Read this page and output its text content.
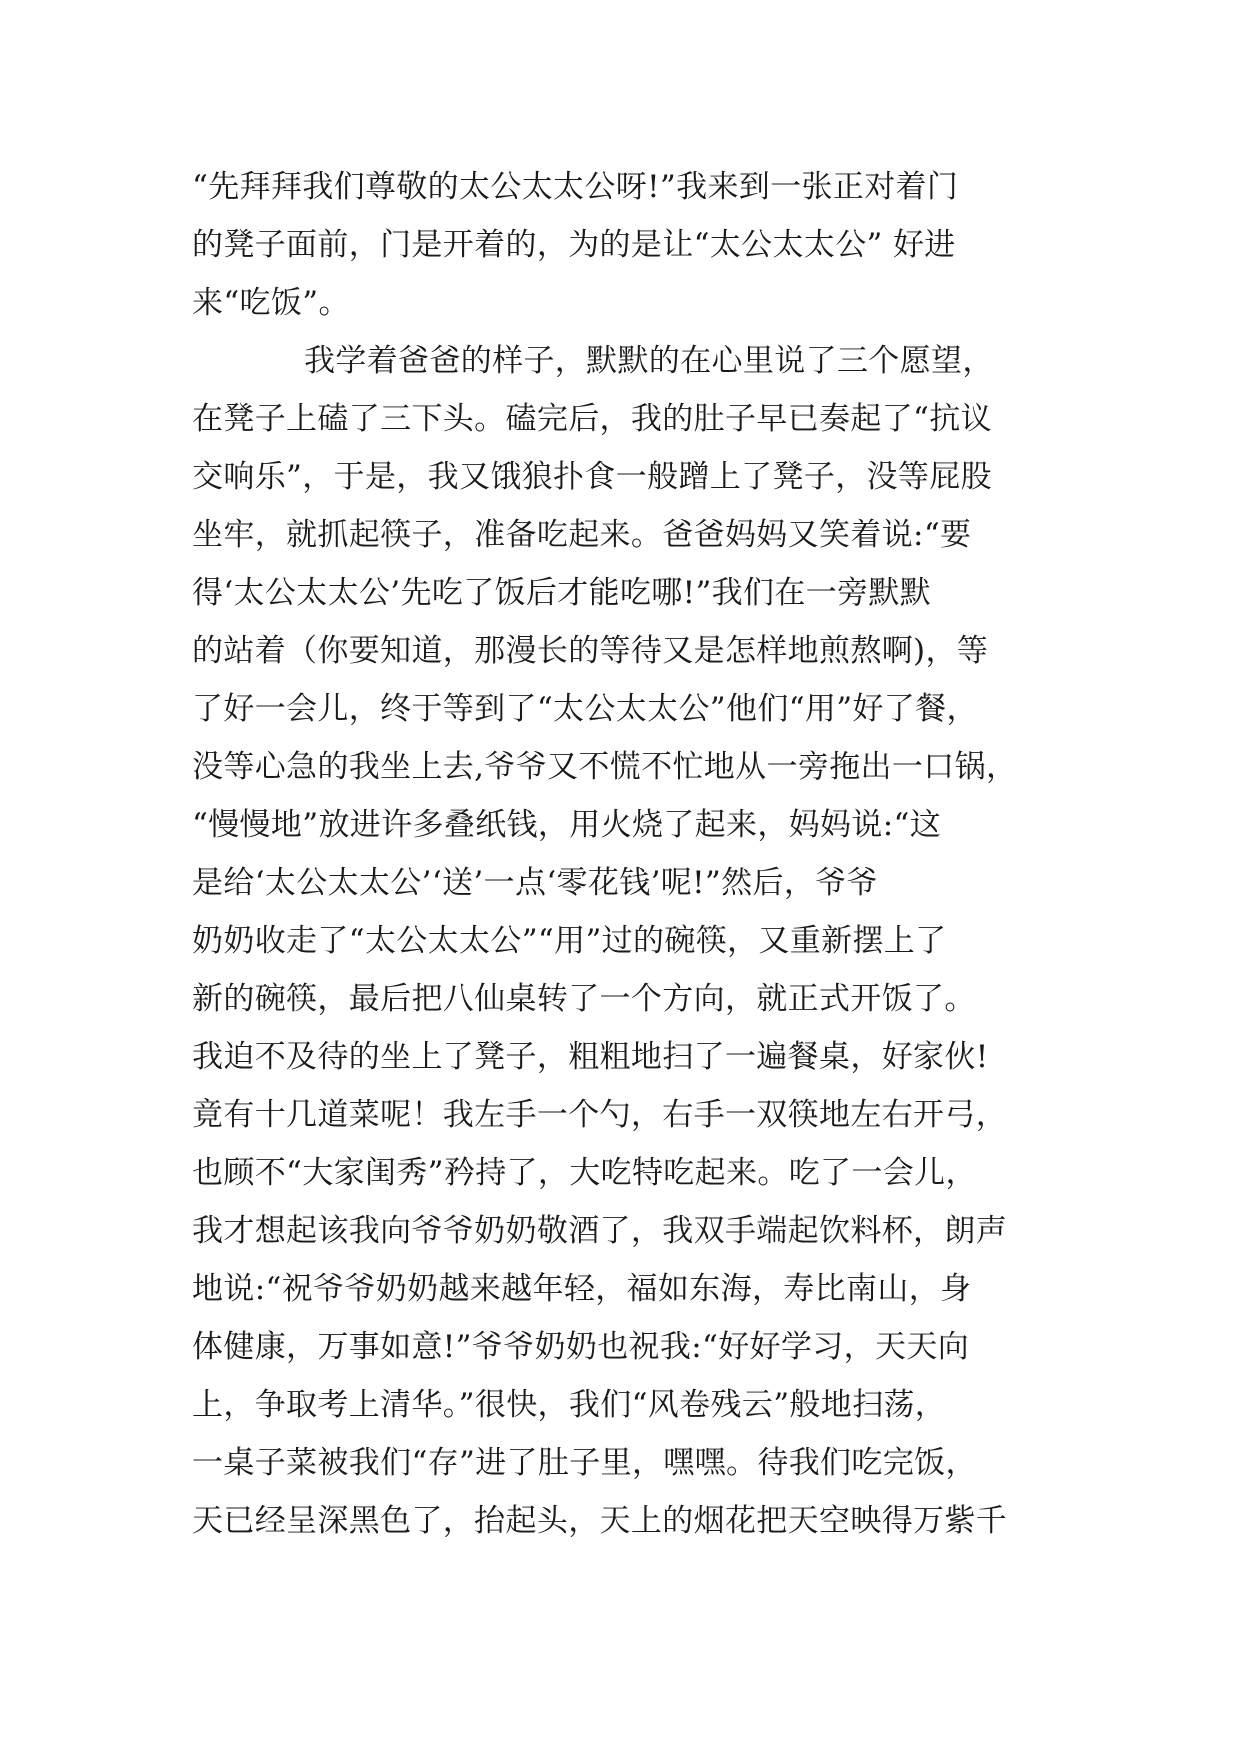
“先拜拜我们尊敬的太公太太公呀!”我来到一张正对着门
的凳子面前，门是开着的，为的是让“太公太太公” 好进
来“吃饭”。
我学着爸爸的样子，默默的在心里说了三个愿望，
在凳子上磕了三下头。磕完后，我的肚子早已奏起了“抗议
交响乐”，于是，我又饿狼扑食一般蹭上了凳子，没等屁股
坐牢，就抓起筷子，准备吃起来。爸爸妈妈又笑着说:“要
得‘太公太太公’先吃了饭后才能吃哪!”我们在一旁默默
的站着（你要知道，那漫长的等待又是怎样地煎熬啊)，等
了好一会儿，终于等到了“太公太太公”他们“用”好了餐，
没等心急的我坐上去,爷爷又不慌不忙地从一旁拖出一口锅，
“慢慢地”放进许多叠纸钱，用火烧了起来，妈妈说:“这
是给‘太公太太公’‘送’一点‘零花钱’呢!”然后，爷爷
奶奶收走了“太公太太公”“用”过的碗筷，又重新摆上了
新的碗筷，最后把八仙桌转了一个方向，就正式开饭了。
我迫不及待的坐上了凳子，粗粗地扫了一遍餐桌，好家伙!
竟有十几道菜呢！我左手一个勺，右手一双筷地左右开弓，
也顾不“大家闺秀”矜持了，大吃特吃起来。吃了一会儿，
我才想起该我向爷爷奶奶敬酒了，我双手端起饮料杯，朗声
地说:“祝爷爷奶奶越来越年轻，福如东海，寿比南山，身
体健康，万事如意!”爷爷奶奶也祝我:“好好学习，天天向
上，争取考上清华。”很快，我们“风卷残云”般地扫荡，
一桌子菜被我们“存”进了肚子里，嘿嘿。待我们吃完饭，
天已经呈深黑色了，抬起头，天上的烟花把天空映得万紫千
